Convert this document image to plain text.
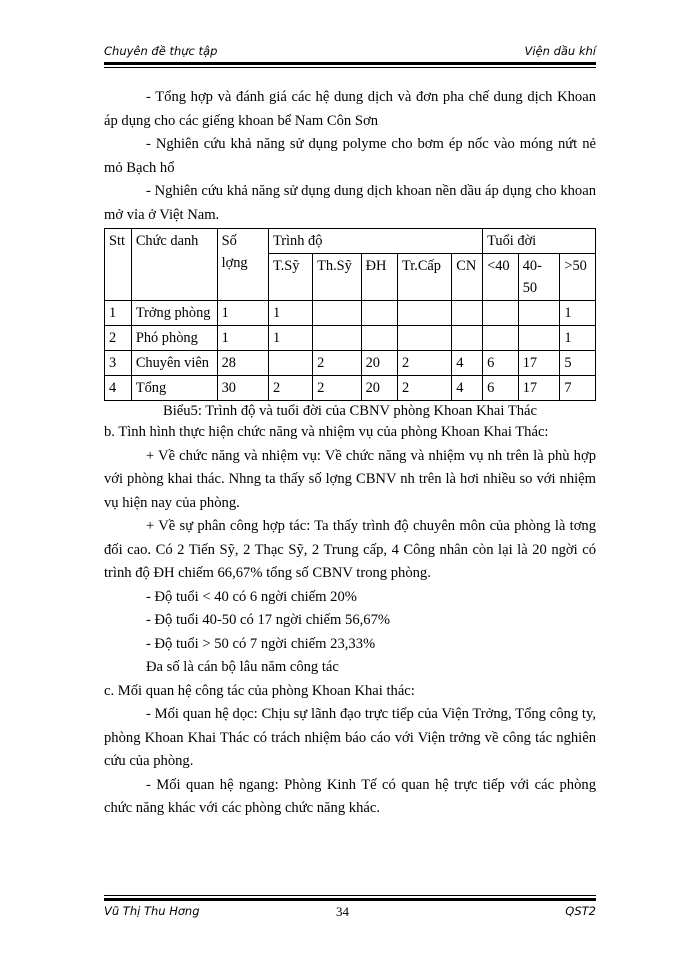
Chuyên đề thực tập	Viện dầu khí

- Tổng hợp và đánh giá các hệ dung dịch và đơn pha chế dung dịch Khoan áp dụng cho các giếng khoan bể Nam Côn Sơn

- Nghiên cứu khả năng sử dụng polyme cho bơm ép nốc vào móng nứt nẻ mỏ Bạch hổ

- Nghiên cứu khả năng sử dụng dung dịch khoan nền dầu áp dụng cho khoan mở vỉa ở Việt Nam.

Stt	Chức danh	Số lợng	Trình độ					Tuổi đời		
			T.Sỹ	Th.Sỹ	ĐH	Tr.Cấp	CN	<40	40-50	>50
1	Trởng phòng	1	1							1
2	Phó phòng	1	1							1
3	Chuyên viên	28		2	20	2	4	6	17	5
4	Tổng	30	2	2	20	2	4	6	17	7

Biểu5: Trình độ và tuổi đời của CBNV phòng Khoan Khai Thác

b. Tình hình thực hiện chức năng và nhiệm vụ của phòng Khoan Khai Thác:

+ Về chức năng và nhiệm vụ: Về chức năng và nhiệm vụ nh trên là phù hợp với phòng khai thác. Nhng ta thấy số lợng CBNV nh trên là hơi nhiều so với nhiệm vụ hiện nay của phòng.

+ Về sự phân công hợp tác: Ta thấy trình độ chuyên môn của phòng là tơng đối cao. Có 2 Tiến Sỹ, 2 Thạc Sỹ, 2 Trung cấp, 4 Công nhân còn lại là 20 ngời có trình độ ĐH chiếm 66,67% tổng số CBNV trong phòng.

- Độ tuổi < 40 có 6 ngời chiếm 20%

- Độ tuổi 40-50 có 17 ngời chiếm 56,67%

- Độ tuổi > 50 có 7 ngời chiếm 23,33%

Đa số là cán bộ lâu năm công tác

c. Mối quan hệ công tác của phòng Khoan Khai thác:

- Mối quan hệ dọc: Chịu sự lãnh đạo trực tiếp của Viện Trởng, Tổng công ty, phòng Khoan Khai Thác có trách nhiệm báo cáo với Viện trởng về công tác nghiên cứu của phòng.

- Mối quan hệ ngang: Phòng Kinh Tế có quan hệ trực tiếp với các phòng chức năng khác với các phòng chức năng khác.

Vũ Thị Thu Hơng	34	QST2
